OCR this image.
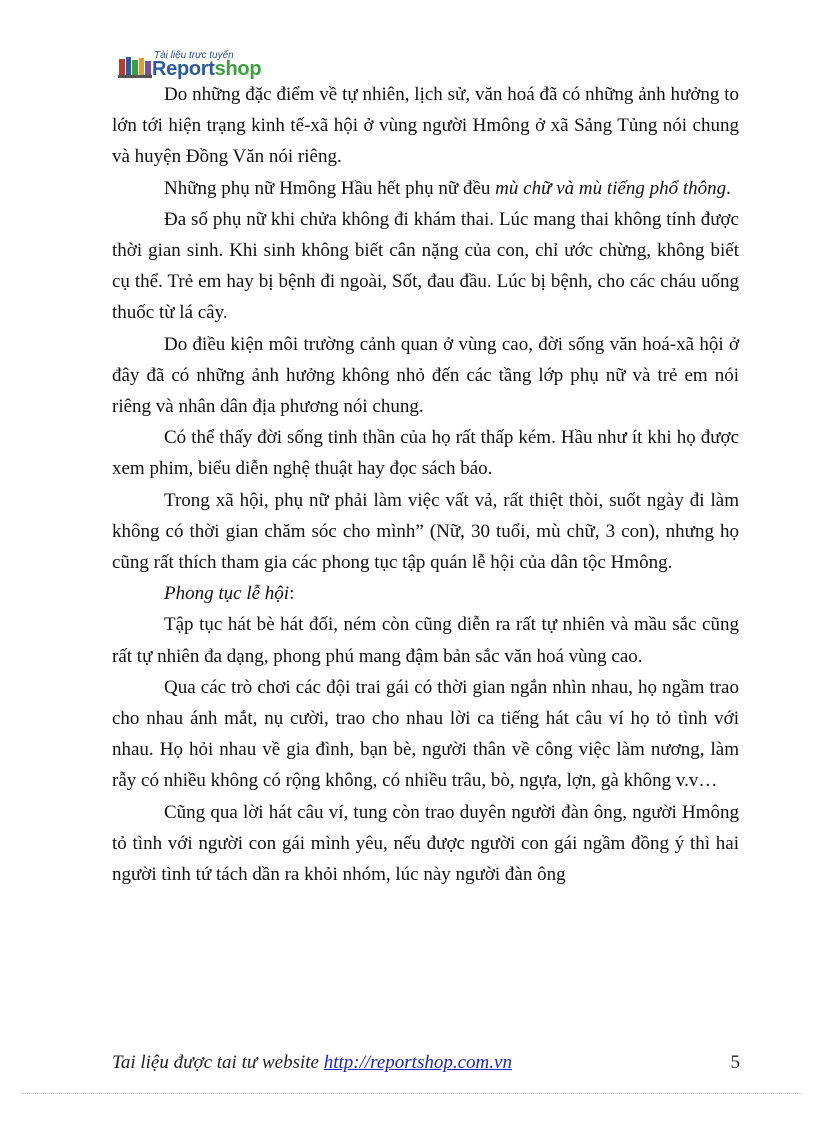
Tài liệu trực tuyến
Reportshop

Do những đặc điểm về tự nhiên, lịch sử, văn hoá đã có những ảnh hưởng to lớn tới hiện trạng kinh tế-xã hội ở vùng người Hmông ở xã Sảng Tủng nói chung và huyện Đồng Văn nói riêng.

Những phụ nữ Hmông Hầu hết phụ nữ đều mù chữ và mù tiếng phổ thông.

Đa số phụ nữ khi chửa không đi khám thai. Lúc mang thai không tính được thời gian sinh. Khi sinh không biết cân nặng của con, chỉ ước chừng, không biết cụ thể. Trẻ em hay bị bệnh đi ngoài, Sốt, đau đầu. Lúc bị bệnh, cho các cháu uống thuốc từ lá cây.

Do điều kiện môi trường cảnh quan ở vùng cao, đời sống văn hoá-xã hội ở đây đã có những ảnh hưởng không nhỏ đến các tầng lớp phụ nữ và trẻ em nói riêng và nhân dân địa phương nói chung.

Có thể thấy đời sống tinh thần của họ rất thấp kém. Hầu như ít khi họ được xem phim, biểu diễn nghệ thuật hay đọc sách báo.

Trong xã hội, phụ nữ phải làm việc vất vả, rất thiệt thòi, suốt ngày đi làm không có thời gian chăm sóc cho mình” (Nữ, 30 tuổi, mù chữ, 3 con), nhưng họ cũng rất thích tham gia các phong tục tập quán lễ hội của dân tộc Hmông.

Phong tục lễ hội:

Tập tục hát bè hát đối, ném còn cũng diễn ra rất tự nhiên và mầu sắc cũng rất tự nhiên đa dạng, phong phú mang đậm bản sắc văn hoá vùng cao.

Qua các trò chơi các đội trai gái có thời gian ngắn nhìn nhau, họ ngầm trao cho nhau ánh mắt, nụ cười, trao cho nhau lời ca tiếng hát câu ví họ tỏ tình với nhau. Họ hỏi nhau về gia đình, bạn bè, người thân về công việc làm nương, làm rẫy có nhiều không có rộng không, có nhiều trâu, bò, ngựa, lợn, gà không v.v…

Cũng qua lời hát câu ví, tung còn trao duyên người đàn ông, người Hmông tỏ tình với người con gái mình yêu, nếu được người con gái ngầm đồng ý thì hai người tình tứ tách dần ra khỏi nhóm, lúc này người đàn ông

Tai liệu được tai tư website http://reportshop.com.vn	5
